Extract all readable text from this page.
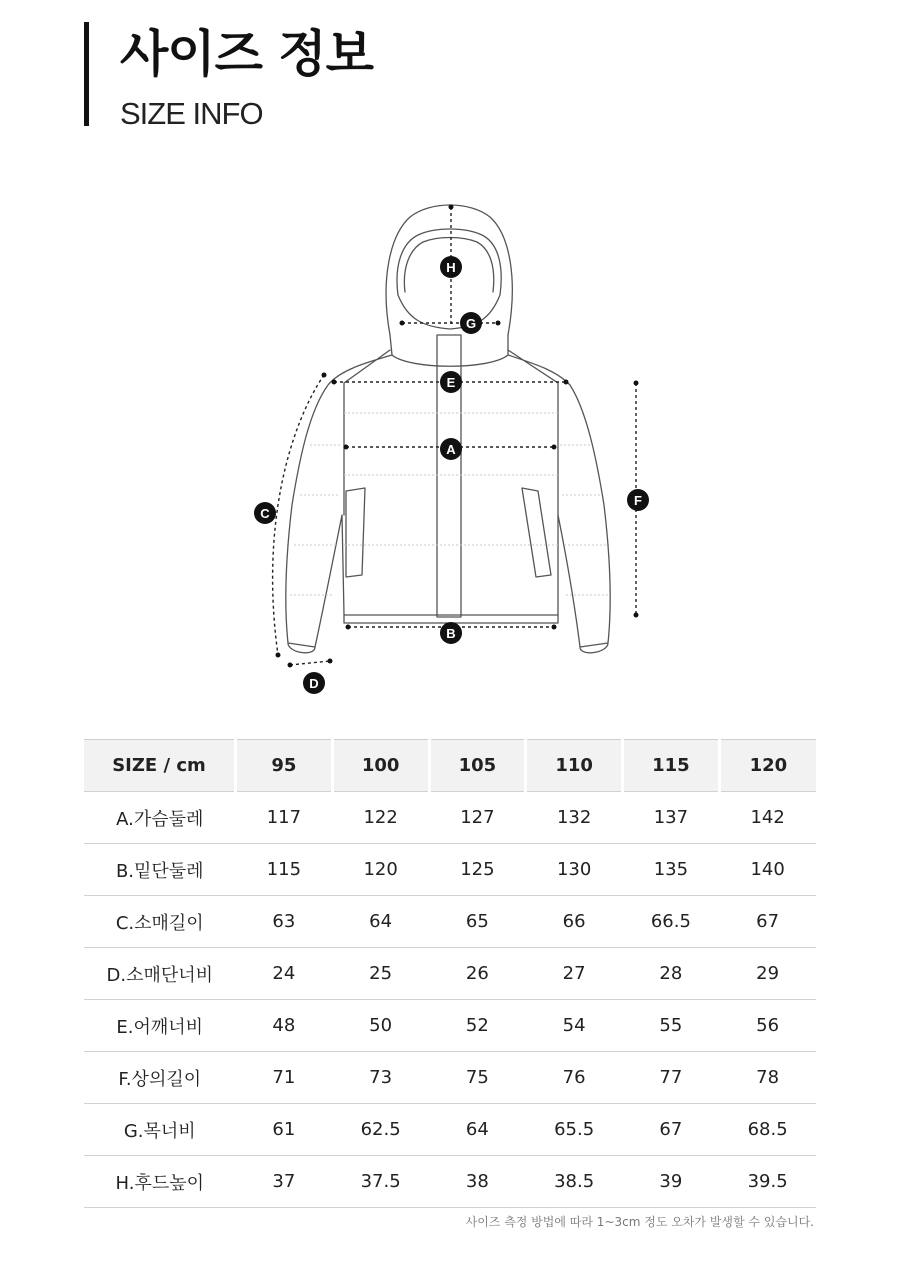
사이즈 정보
SIZE INFO
H
G
E
A
F
C
B
D
SIZE / cm	95	100	105	110	115	120
A.가슴둘레	117	122	127	132	137	142
B.밑단둘레	115	120	125	130	135	140
C.소매길이	63	64	65	66	66.5	67
D.소매단너비	24	25	26	27	28	29
E.어깨너비	48	50	52	54	55	56
F.상의길이	71	73	75	76	77	78
G.목너비	61	62.5	64	65.5	67	68.5
H.후드높이	37	37.5	38	38.5	39	39.5
사이즈 측정 방법에 따라 1~3cm 정도 오차가 발생할 수 있습니다.
